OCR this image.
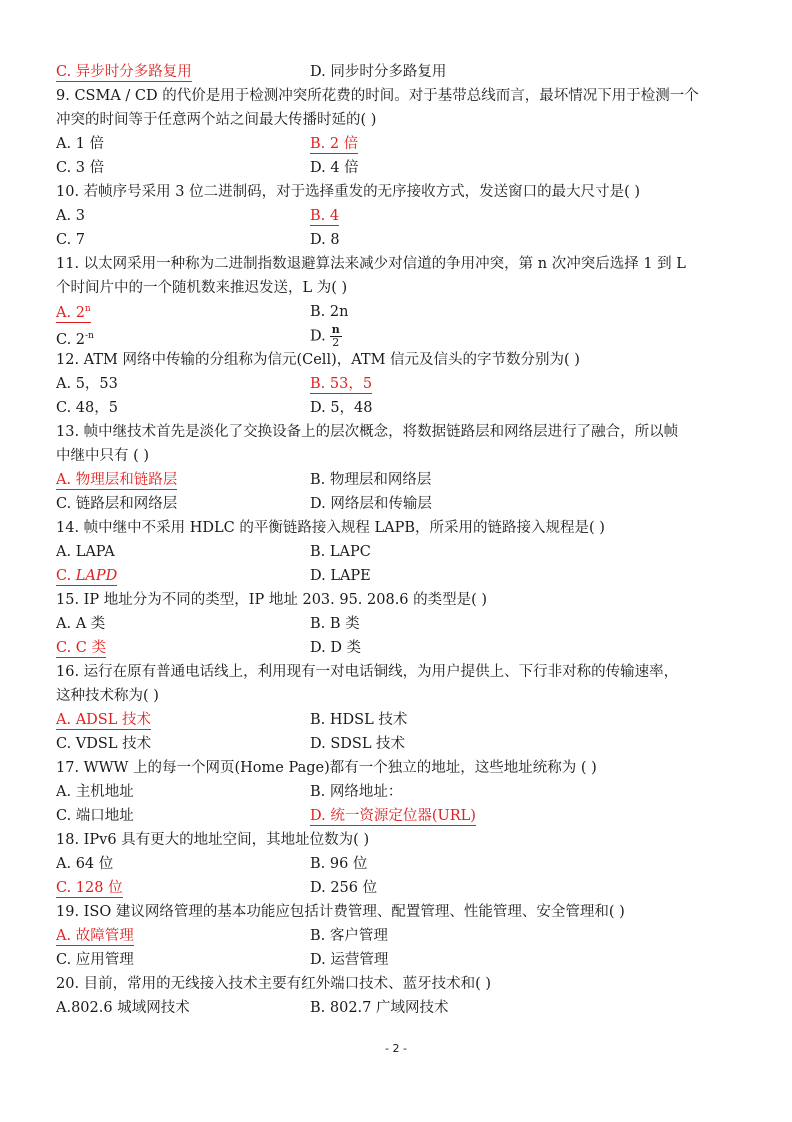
C. 异步时分多路复用	D. 同步时分多路复用
9. CSMA / CD 的代价是用于检测冲突所花费的时间。对于基带总线而言，最坏情况下用于检测一个
冲突的时间等于任意两个站之间最大传播时延的( )
A. 1 倍	B. 2 倍
C. 3 倍	D. 4 倍
10. 若帧序号采用 3 位二进制码，对于选择重发的无序接收方式，发送窗口的最大尺寸是( )
A. 3	B. 4
C. 7	D. 8
11. 以太网采用一种称为二进制指数退避算法来减少对信道的争用冲突，第 n 次冲突后选择 1 到 L
个时间片中的一个随机数来推迟发送，L 为( )
A. 2$^n$	B. 2n
C. $2^{-n}$	D. $\frac{n}{2}$
12. ATM 网络中传输的分组称为信元(Cell)，ATM 信元及信头的字节数分别为( )
A. 5，53	B. 53，5
C. 48，5	D. 5，48
13. 帧中继技术首先是淡化了交换设备上的层次概念，将数据链路层和网络层进行了融合，所以帧
中继中只有 ( )
A. 物理层和链路层	B. 物理层和网络层
C. 链路层和网络层	D. 网络层和传输层
14. 帧中继中不采用 HDLC 的平衡链路接入规程 LAPB，所采用的链路接入规程是( )
A. LAPA	B. LAPC
C. LAPD	D. LAPE
15. IP 地址分为不同的类型，IP 地址 203. 95. 208.6 的类型是( )
A. A 类	B. B 类
C. C 类	D. D 类
16. 运行在原有普通电话线上，利用现有一对电话铜线，为用户提供上、下行非对称的传输速率，
这种技术称为( )
A. ADSL 技术	B. HDSL 技术
C. VDSL 技术	D. SDSL 技术
17. WWW 上的每一个网页(Home Page)都有一个独立的地址，这些地址统称为 ( )
A. 主机地址	B. 网络地址：
C. 端口地址	D. 统一资源定位器(URL)
18. IPv6 具有更大的地址空间，其地址位数为( )
A. 64 位	B. 96 位
C. 128 位	D. 256 位
19. ISO 建议网络管理的基本功能应包括计费管理、配置管理、性能管理、安全管理和( )
A. 故障管理	B. 客户管理
C. 应用管理	D. 运营管理
20. 目前，常用的无线接入技术主要有红外端口技术、蓝牙技术和( )
A.802.6 城域网技术	B. 802.7 广域网技术
- 2 -
